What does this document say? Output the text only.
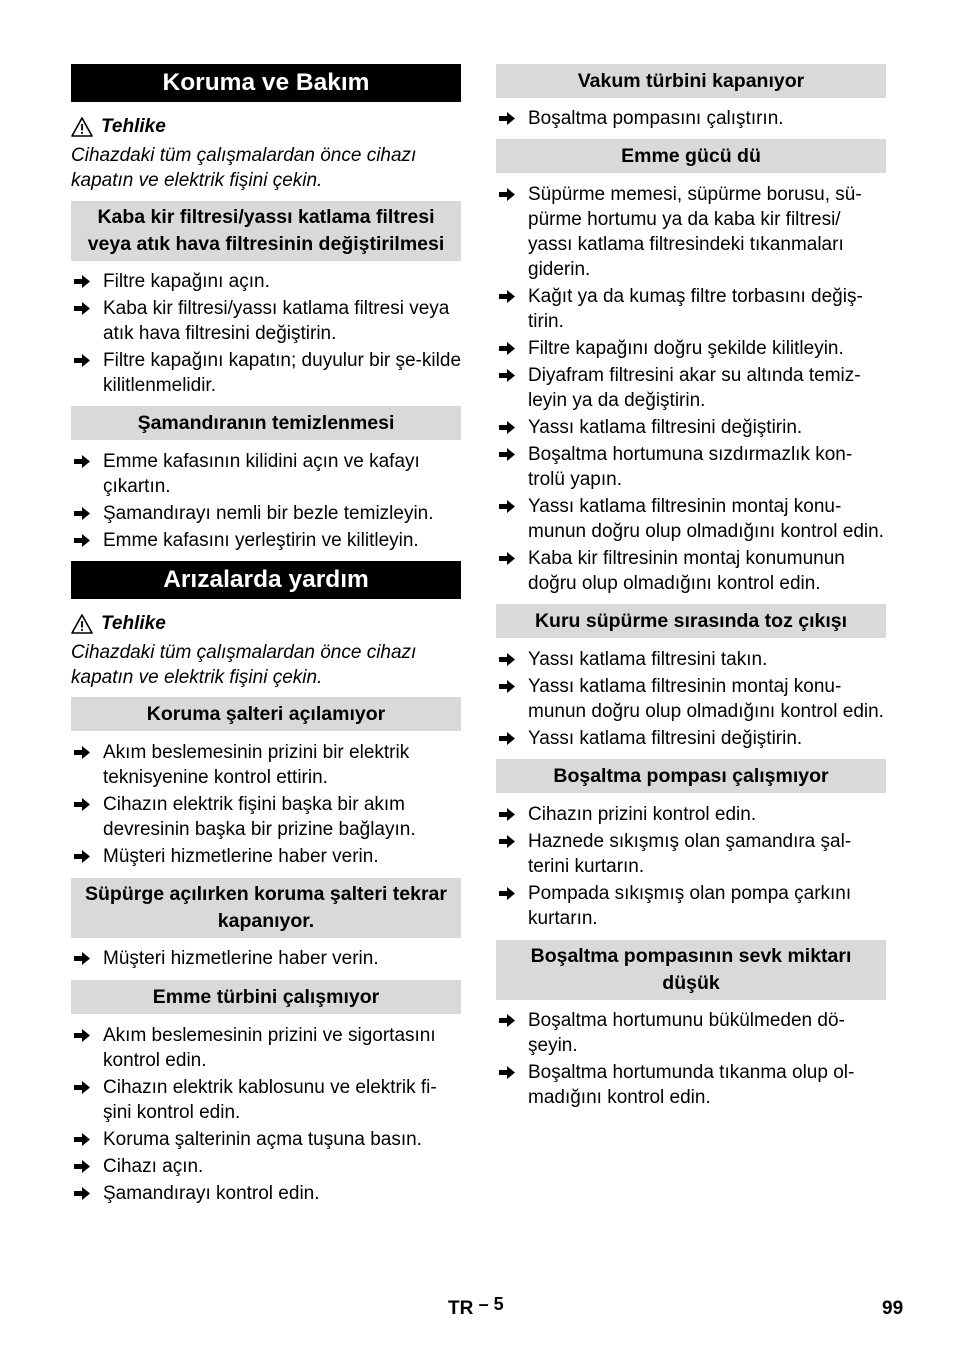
Koruma ve Bakım
Tehlike
Cihazdaki tüm çalışmalardan önce cihazı kapatın ve elektrik fişini çekin.
Kaba kir filtresi/yassı katlama filtresi veya atık hava filtresinin değiştirilmesi
Filtre kapağını açın.
Kaba kir filtresi/yassı katlama filtresi veya atık hava filtresini değiştirin.
Filtre kapağını kapatın; duyulur bir şe-kilde kilitlenmelidir.
Şamandıranın temizlenmesi
Emme kafasının kilidini açın ve kafayı çıkartın.
Şamandırayı nemli bir bezle temizleyin.
Emme kafasını yerleştirin ve kilitleyin.
Arızalarda yardım
Tehlike
Cihazdaki tüm çalışmalardan önce cihazı kapatın ve elektrik fişini çekin.
Koruma şalteri açılamıyor
Akım beslemesinin prizini bir elektrik teknisyenine kontrol ettirin.
Cihazın elektrik fişini başka bir akım devresinin başka bir prizine bağlayın.
Müşteri hizmetlerine haber verin.
Süpürge açılırken koruma şalteri tekrar kapanıyor.
Müşteri hizmetlerine haber verin.
Emme türbini çalışmıyor
Akım beslemesinin prizini ve sigortasını kontrol edin.
Cihazın elektrik kablosunu ve elektrik fi-şini kontrol edin.
Koruma şalterinin açma tuşuna basın.
Cihazı açın.
Şamandırayı kontrol edin.
Vakum türbini kapanıyor
Boşaltma pompasını çalıştırın.
Emme gücü dü
Süpürme memesi, süpürme borusu, sü-pürme hortumu ya da kaba kir filtresi/ yassı katlama filtresindeki tıkanmaları giderin.
Kağıt ya da kumaş filtre torbasını değiş-tirin.
Filtre kapağını doğru şekilde kilitleyin.
Diyafram filtresini akar su altında temiz-leyin ya da değiştirin.
Yassı katlama filtresini değiştirin.
Boşaltma hortumuna sızdırmazlık kon-trolü yapın.
Yassı katlama filtresinin montaj konu-munun doğru olup olmadığını kontrol edin.
Kaba kir filtresinin montaj konumunun doğru olup olmadığını kontrol edin.
Kuru süpürme sırasında toz çıkışı
Yassı katlama filtresini takın.
Yassı katlama filtresinin montaj konu-munun doğru olup olmadığını kontrol edin.
Yassı katlama filtresini değiştirin.
Boşaltma pompası çalışmıyor
Cihazın prizini kontrol edin.
Haznede sıkışmış olan şamandıra şal-terini kurtarın.
Pompada sıkışmış olan pompa çarkını kurtarın.
Boşaltma pompasının sevk miktarı düşük
Boşaltma hortumunu bükülmeden dö-şeyin.
Boşaltma hortumunda tıkanma olup ol-madığını kontrol edin.
TR – 5	99
